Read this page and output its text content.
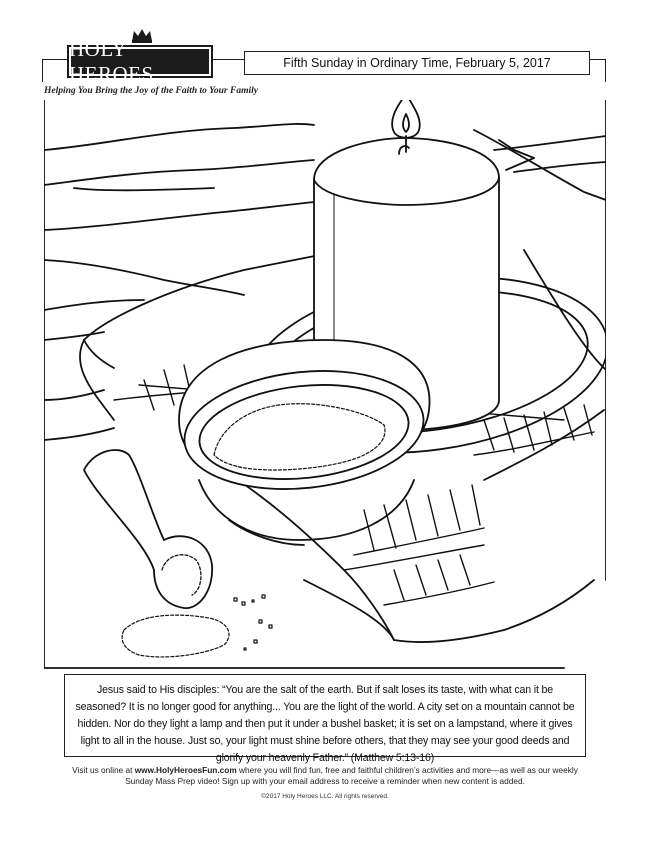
HOLY HEROES
Helping You Bring the Joy of the Faith to Your Family
Fifth Sunday in Ordinary Time, February 5, 2017
Jesus said to His disciples: “You are the salt of the earth. But if salt loses its taste, with what can it be seasoned? It is no longer good for anything... You are the light of the world. A city set on a mountain cannot be hidden. Nor do they light a lamp and then put it under a bushel basket; it is set on a lampstand, where it gives light to all in the house. Just so, your light must shine before others, that they may see your good deeds and glorify your heavenly Father.” (Matthew 5:13-16)
Visit us online at www.HolyHeroesFun.com where you will find fun, free and faithful children’s activities and more—as well as our weekly Sunday Mass Prep video! Sign up with your email address to receive a reminder when new content is added.
©2017 Holy Heroes LLC. All rights reserved.
